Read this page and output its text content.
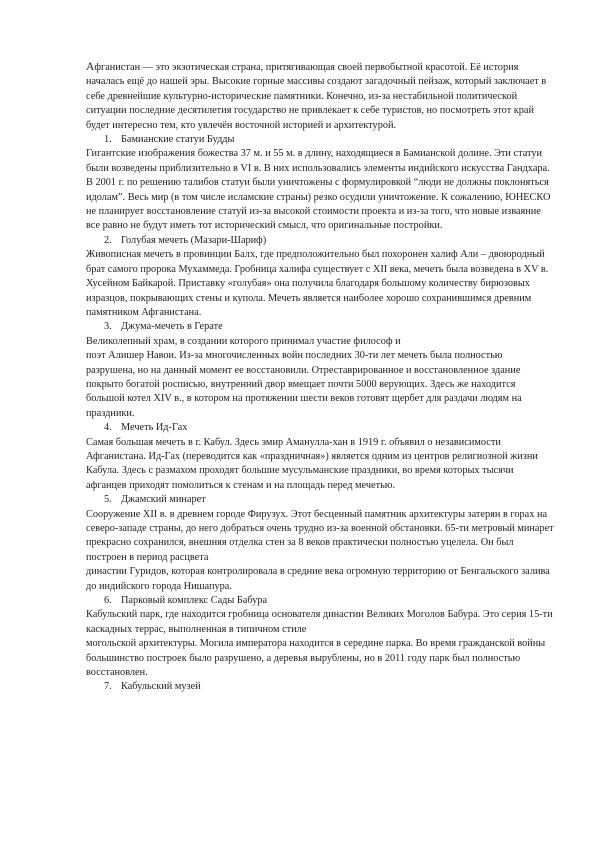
Афганистан — это экзотическая страна, притягивающая своей первобытной красотой. Её история началась ещё до нашей эры. Высокие горные массивы создают загадочный пейзаж, который заключает в себе древнейшие культурно-исторические памятники. Конечно, из-за нестабильной политической ситуации последние десятилетия государство не привлекает к себе туристов, но посмотреть этот край будет интересно тем, кто увлечён восточной историей и архитектурой.

1. Бамианские статуи Будды

Гигантские изображения божества 37 м. и 55 м. в длину, находящиеся в Бамианской долине. Эти статуи были возведены приблизительно в VI в. В них использовались элементы индийского искусства Гандхара. В 2001 г. по решению талибов статуи были уничтожены с формулировкой “люди не должны поклоняться идолам”. Весь мир (в том числе исламские страны) резко осудили уничтожение. К сожалению, ЮНЕСКО не планирует восстановление статуй из-за высокой стоимости проекта и из-за того, что новые изваяние все равно не будут иметь тот исторический смысл, что оригинальные постройки.

2. Голубая мечеть (Мазари-Шариф)

Живописная мечеть в провинции Балх, где предположительно был похоронен халиф Али – двоюродный брат самого пророка Мухаммеда. Гробница халифа существует с XII века, мечеть была возведена в XV в. Хусейном Байкарой. Приставку «голубая» она получила благодаря большому количеству бирюзовых изразцов, покрывающих стены и купола. Мечеть является наиболее хорошо сохранившимся древним памятником Афганистана.

3. Джума-мечеть в Герате

Великолепный храм, в создании которого принимал участие философ и

поэт Алишер Навои. Из-за многочисленных войн последних 30-ти лет мечеть была полностью разрушена, но на данный момент ее восстановили. Отреставрированное и восстановленное здание покрыто богатой росписью, внутренний двор вмещает почти 5000 верующих. Здесь же находится большой котел XIV в., в котором на протяжении шести веков готовят щербет для раздачи людям на праздники.

4. Мечеть Ид-Гах

Самая большая мечеть в г. Кабул. Здесь эмир Аманулла-хан в 1919 г. объявил о независимости Афганистана. Ид-Гах (переводится как «праздничная») является одним из центров религиозной жизни Кабула. Здесь с размахом проходят большие мусульманские праздники, во время которых тысячи афганцев приходят помолиться к стенам и на площадь перед мечетью.

5. Джамский минарет

Сооружение XII в. в древнем городе Фирузух. Этот бесценный памятник архитектуры затерян в горах на северо-западе страны, до него добраться очень трудно из-за военной обстановки. 65-ти метровый минарет прекрасно сохранился, внешняя отделка стен за 8 веков практически полностью уцелела. Он был построен в период расцвета

династии Гуридов, которая контролировала в средние века огромную территорию от Бенгальского залива до индийского города Нишапура.

6. Парковый комплекс Сады Бабура

Кабульский парк, где находится гробница основателя династии Великих Моголов Бабура. Это серия 15-ти каскадных террас, выполненная в типичном стиле

могольской архитектуры. Могила императора находится в середине парка. Во время гражданской войны большинство построек было разрушено, а деревья вырублены, но в 2011 году парк был полностью восстановлен.

7. Кабульский музей
